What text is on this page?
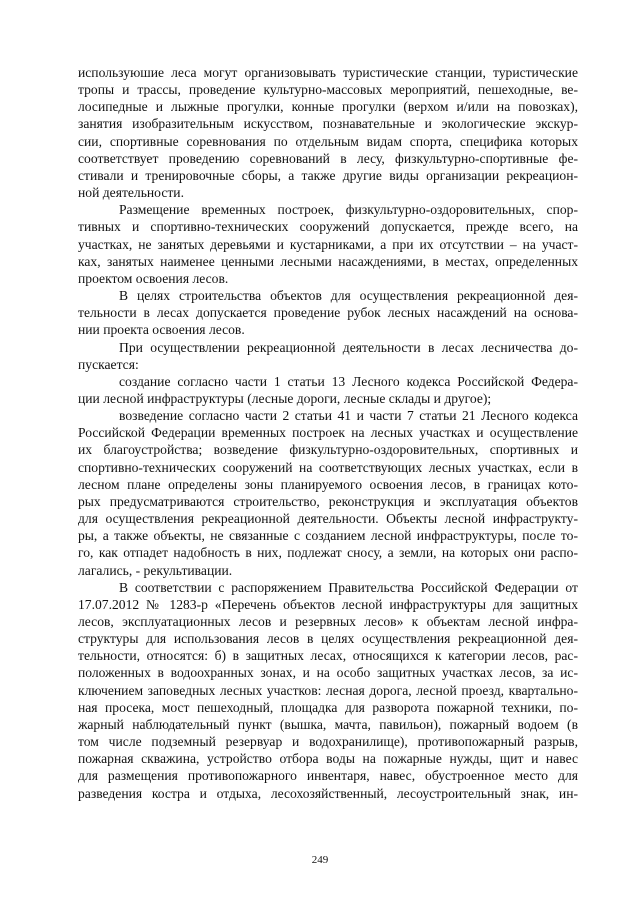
используюшие леса могут организовывать туристические станции, туристические

тропы и трассы, проведение культурно-массовых мероприятий, пешеходные, ве-

лосипедные и лыжные прогулки, конные прогулки (верхом и/или на повозках),

занятия изобразительным искусством, познавательные и экологические экскур-

сии, спортивные соревнования по отдельным видам спорта, специфика которых

соответствует проведению соревнований в лесу, физкультурно-спортивные фе-

стивали и тренировочные сборы, а также другие виды организации рекреацион-

ной деятельности.

Размещение временных построек, физкультурно-оздоровительных, спор-

тивных и спортивно-технических сооружений допускается, прежде всего, на

участках, не занятых деревьями и кустарниками, а при их отсутствии – на участ-

ках, занятых наименее ценными лесными насаждениями, в местах, определенных

проектом освоения лесов.

В целях строительства объектов для осуществления рекреационной дея-

тельности в лесах допускается проведение рубок лесных насаждений на основа-

нии проекта освоения лесов.

При осуществлении рекреационной деятельности в лесах лесничества до-

пускается:

создание согласно части 1 статьи 13 Лесного кодекса Российской Федера-

ции лесной инфраструктуры (лесные дороги, лесные склады и другое);

возведение согласно части 2 статьи 41 и части 7 статьи 21 Лесного кодекса

Российской Федерации временных построек на лесных участках и осуществление

их благоустройства; возведение физкультурно-оздоровительных, спортивных и

спортивно-технических сооружений на соответствующих лесных участках, если в

лесном плане определены зоны планируемого освоения лесов, в границах кото-

рых предусматриваются строительство, реконструкция и эксплуатация объектов

для осуществления рекреационной деятельности. Объекты лесной инфраструкту-

ры, а также объекты, не связанные с созданием лесной инфраструктуры, после то-

го, как отпадет надобность в них, подлежат сносу, а земли, на которых они распо-

лагались, - рекультивации.

В соответствии с распоряжением Правительства Российской Федерации от

17.07.2012 № 1283-р «Перечень объектов лесной инфраструктуры для защитных

лесов, эксплуатационных лесов и резервных лесов» к объектам лесной инфра-

структуры для использования лесов в целях осуществления рекреационной дея-

тельности, относятся: б) в защитных лесах, относящихся к категории лесов, рас-

положенных в водоохранных зонах, и на особо защитных участках лесов, за ис-

ключением заповедных лесных участков: лесная дорога, лесной проезд, квартально-

ная просека, мост пешеходный, площадка для разворота пожарной техники, по-

жарный наблюдательный пункт (вышка, мачта, павильон), пожарный водоем (в

том числе подземный резервуар и водохранилище), противопожарный разрыв,

пожарная скважина, устройство отбора воды на пожарные нужды, щит и навес

для размещения противопожарного инвентаря, навес, обустроенное место для

разведения костра и отдыха, лесохозяйственный, лесоустроительный знак, ин-

249
